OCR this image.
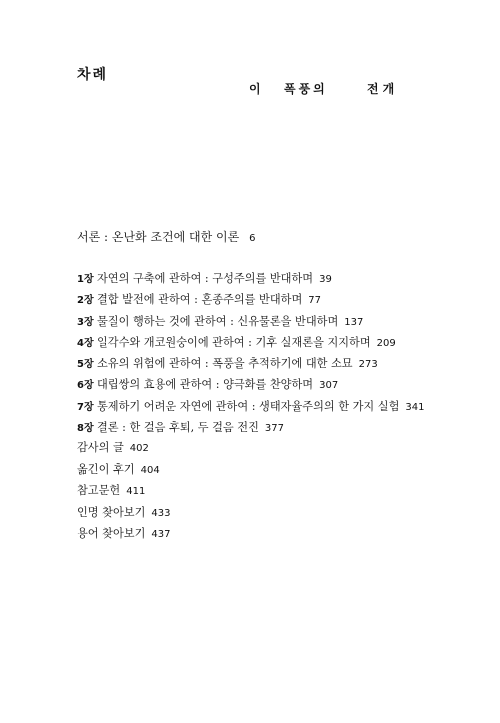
차례
이 폭풍의	전개
서론 : 온난화 조건에 대한 이론 6
1장 자연의 구축에 관하여 : 구성주의를 반대하며 39
2장 결합 발전에 관하여 : 혼종주의를 반대하며 77
3장 물질이 행하는 것에 관하여 : 신유물론을 반대하며 137
4장 일각수와 개코원숭이에 관하여 : 기후 실재론을 지지하며 209
5장 소유의 위험에 관하여 : 폭풍을 추적하기에 대한 소묘 273
6장 대립쌍의 효용에 관하여 : 양극화를 찬양하며 307
7장 통제하기 어려운 자연에 관하여 : 생태자율주의의 한 가지 실험 341
8장 결론 : 한 걸음 후퇴, 두 걸음 전진 377
감사의 글 402
옮긴이 후기 404
참고문헌 411
인명 찾아보기 433
용어 찾아보기 437
